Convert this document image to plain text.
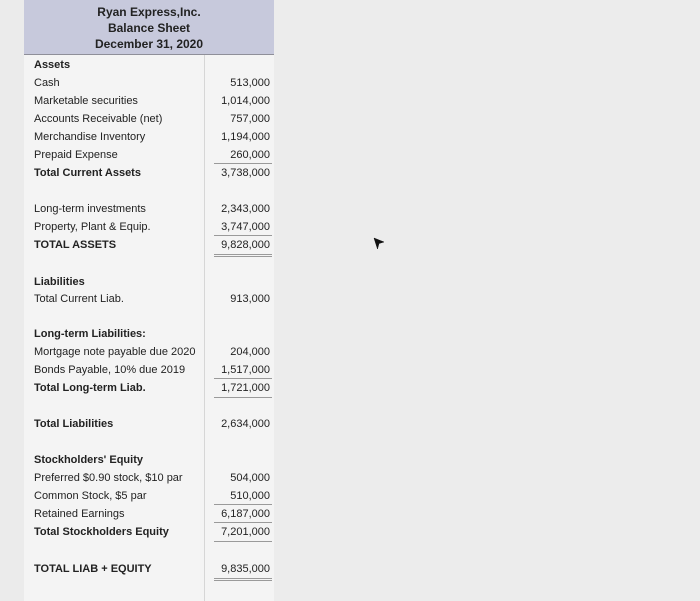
Ryan Express,Inc.
Balance Sheet
December 31, 2020
Assets
Cash	513,000
Marketable securities	1,014,000
Accounts Receivable (net)	757,000
Merchandise Inventory	1,194,000
Prepaid Expense	260,000
Total Current Assets	3,738,000
Long-term investments	2,343,000
Property, Plant & Equip.	3,747,000
TOTAL ASSETS	9,828,000
Liabilities
Total Current Liab.	913,000
Long-term Liabilities:
Mortgage note payable due 2020	204,000
Bonds Payable, 10% due 2019	1,517,000
Total Long-term Liab.	1,721,000
Total Liabilities	2,634,000
Stockholders' Equity
Preferred $0.90 stock, $10 par	504,000
Common Stock, $5 par	510,000
Retained Earnings	6,187,000
Total Stockholders Equity	7,201,000
TOTAL LIAB + EQUITY	9,835,000
